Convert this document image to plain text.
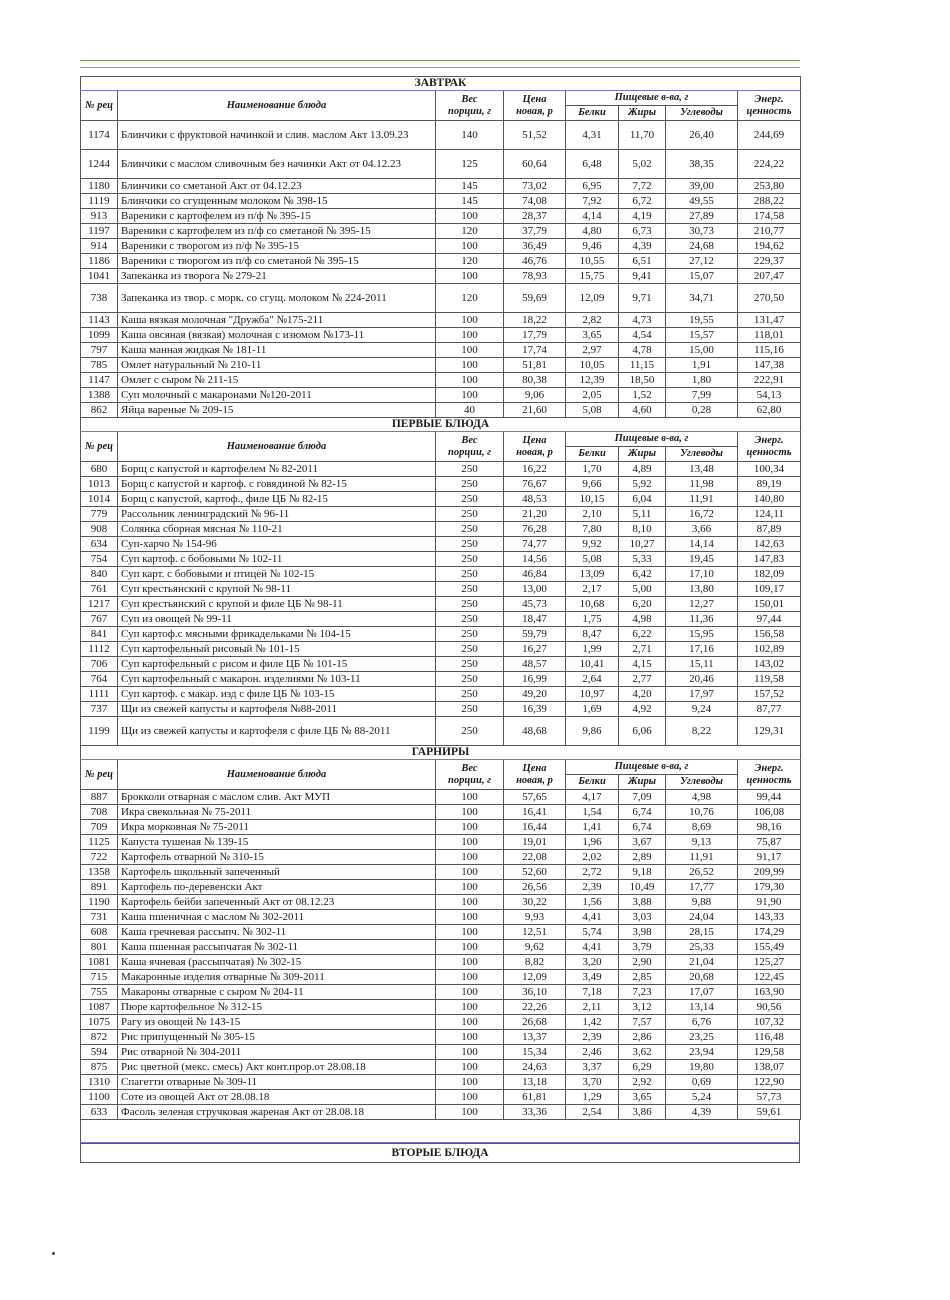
ЗАВТРАК							
№ рец	Наименование блюда	Вес
порции, г	Цена
новая, р	Пищевые в-ва, г			Энерг.
ценность
				Белки	Жиры	Углеводы	
1174	Блинчики с фруктовой начинкой и слив. маслом Акт 13.09.23	140	51,52	4,31	11,70	26,40	244,69
1244	Блинчики с маслом сливочным без начинки Акт от 04.12.23	125	60,64	6,48	5,02	38,35	224,22
1180	Блинчики со сметаной Акт от 04.12.23	145	73,02	6,95	7,72	39,00	253,80
1119	Блинчики со сгущенным молоком № 398-15	145	74,08	7,92	6,72	49,55	288,22
913	Вареники с картофелем из п/ф № 395-15	100	28,37	4,14	4,19	27,89	174,58
1197	Вареники с картофелем из п/ф со сметаной № 395-15	120	37,79	4,80	6,73	30,73	210,77
914	Вареники с творогом из п/ф № 395-15	100	36,49	9,46	4,39	24,68	194,62
1186	Вареники с творогом из п/ф со сметаной № 395-15	120	46,76	10,55	6,51	27,12	229,37
1041	Запеканка из творога № 279-21	100	78,93	15,75	9,41	15,07	207,47
738	Запеканка из твор. с морк. со сгущ. молоком № 224-2011	120	59,69	12,09	9,71	34,71	270,50
1143	Каша вязкая молочная "Дружба" №175-211	100	18,22	2,82	4,73	19,55	131,47
1099	Каша овсяная (вязкая) молочная с изюмом №173-11	100	17,79	3,65	4,54	15,57	118,01
797	Каша манная жидкая № 181-11	100	17,74	2,97	4,78	15,00	115,16
785	Омлет натуральный № 210-11	100	51,81	10,05	11,15	1,91	147,38
1147	Омлет с сыром № 211-15	100	80,38	12,39	18,50	1,80	222,91
1388	Суп молочный с макаронами №120-2011	100	9,06	2,05	1,52	7,99	54,13
862	Яйца вареные № 209-15	40	21,60	5,08	4,60	0,28	62,80
ПЕРВЫЕ БЛЮДА							
№ рец	Наименование блюда	Вес
порции, г	Цена
новая, р	Пищевые в-ва, г			Энерг.
ценность
				Белки	Жиры	Углеводы	
680	Борщ с капустой и картофелем № 82-2011	250	16,22	1,70	4,89	13,48	100,34
1013	Борщ с капустой и картоф. с говядиной № 82-15	250	76,67	9,66	5,92	11,98	89,19
1014	Борщ с капустой, картоф., филе ЦБ № 82-15	250	48,53	10,15	6,04	11,91	140,80
779	Рассольник ленинградский № 96-11	250	21,20	2,10	5,11	16,72	124,11
908	Солянка сборная мясная № 110-21	250	76,28	7,80	8,10	3,66	87,89
634	Суп-харчо № 154-96	250	74,77	9,92	10,27	14,14	142,63
754	Суп картоф. с бобовыми № 102-11	250	14,56	5,08	5,33	19,45	147,83
840	Суп карт. с бобовыми и птицей № 102-15	250	46,84	13,09	6,42	17,10	182,09
761	Суп крестьянский с крупой № 98-11	250	13,00	2,17	5,00	13,80	109,17
1217	Суп крестьянский с крупой и филе ЦБ № 98-11	250	45,73	10,68	6,20	12,27	150,01
767	Суп из овощей № 99-11	250	18,47	1,75	4,98	11,36	97,44
841	Суп картоф.с мясными фрикадельками № 104-15	250	59,79	8,47	6,22	15,95	156,58
1112	Суп картофельный рисовый № 101-15	250	16,27	1,99	2,71	17,16	102,89
706	Суп картофельный с рисом и филе ЦБ № 101-15	250	48,57	10,41	4,15	15,11	143,02
764	Суп картофельный с макарон. изделиями № 103-11	250	16,99	2,64	2,77	20,46	119,58
1111	Суп картоф. с макар. изд с филе ЦБ № 103-15	250	49,20	10,97	4,20	17,97	157,52
737	Щи из свежей капусты и картофеля №88-2011	250	16,39	1,69	4,92	9,24	87,77
1199	Щи из свежей капусты и картофеля с филе ЦБ № 88-2011	250	48,68	9,86	6,06	8,22	129,31
ГАРНИРЫ							
№ рец	Наименование блюда	Вес
порции, г	Цена
новая, р	Пищевые в-ва, г			Энерг.
ценность
				Белки	Жиры	Углеводы	
887	Брокколи отварная с маслом слив. Акт МУП	100	57,65	4,17	7,09	4,98	99,44
708	Икра свекольная № 75-2011	100	16,41	1,54	6,74	10,76	106,08
709	Икра морковная № 75-2011	100	16,44	1,41	6,74	8,69	98,16
1125	Капуста тушеная № 139-15	100	19,01	1,96	3,67	9,13	75,87
722	Картофель отварной № 310-15	100	22,08	2,02	2,89	11,91	91,17
1358	Картофель школьный запеченный	100	52,60	2,72	9,18	26,52	209,99
891	Картофель по-деревенски Акт	100	26,56	2,39	10,49	17,77	179,30
1190	Картофель бейби запеченный Акт от 08.12.23	100	30,22	1,56	3,88	9,88	91,90
731	Каша пшеничная с маслом № 302-2011	100	9,93	4,41	3,03	24,04	143,33
608	Каша гречневая рассыпч. № 302-11	100	12,51	5,74	3,98	28,15	174,29
801	Каша пшенная рассыпчатая № 302-11	100	9,62	4,41	3,79	25,33	155,49
1081	Каша ячневая (рассыпчатая) № 302-15	100	8,82	3,20	2,90	21,04	125,27
715	Макаронные изделия отварные № 309-2011	100	12,09	3,49	2,85	20,68	122,45
755	Макароны отварные с сыром № 204-11	100	36,10	7,18	7,23	17,07	163,90
1087	Пюре картофельное № 312-15	100	22,26	2,11	3,12	13,14	90,56
1075	Рагу из овощей № 143-15	100	26,68	1,42	7,57	6,76	107,32
872	Рис припущенный № 305-15	100	13,37	2,39	2,86	23,25	116,48
594	Рис отварной № 304-2011	100	15,34	2,46	3,62	23,94	129,58
875	Рис цветной (мекс. смесь) Акт конт.прор.от 28.08.18	100	24,63	3,37	6,29	19,80	138,07
1310	Спагетти отварные № 309-11	100	13,18	3,70	2,92	0,69	122,90
1100	Соте из овощей Акт от 28.08.18	100	61,81	1,29	3,65	5,24	57,73
633	Фасоль зеленая стручковая жареная Акт от 28.08.18	100	33,36	2,54	3,86	4,39	59,61
ВТОРЫЕ БЛЮДА
